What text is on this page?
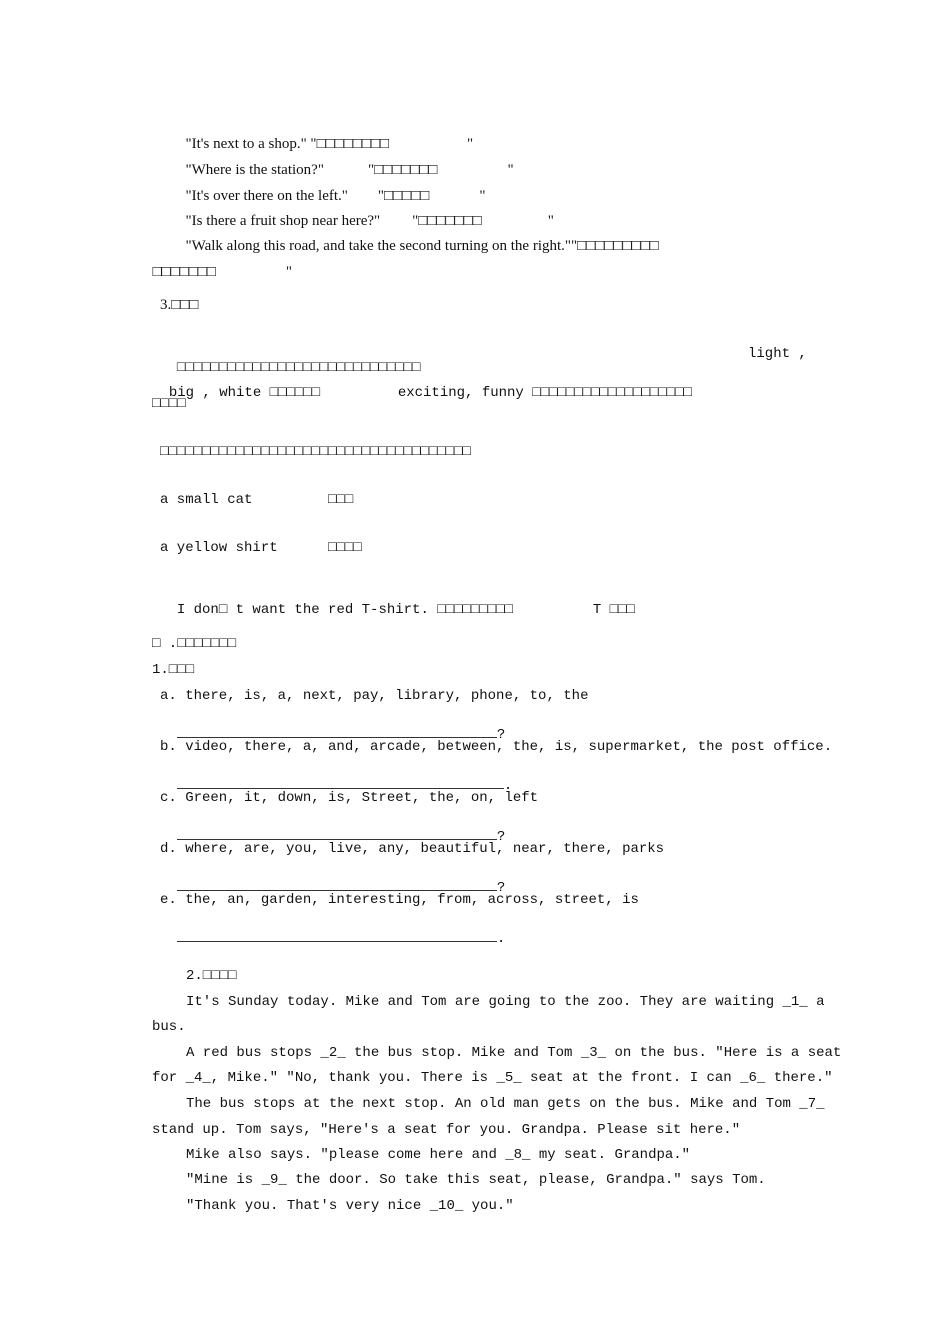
"It's next to a shop." "□□□□□□□□	"

"Where is the station?"	"□□□□□□□	"

"It's over there on the left." "□□□□□	"

"Is there a fruit shop near here?" "□□□□□□□	"

"Walk along this road, and take the second turning on the right.""□□□□□□□□□

□□□□□□□	"

3.□□□

□□□□□□□□□□□□□□□□□□□□□□□□□□□□□

light ,

big , white □□□□□□	exciting, funny □□□□□□□□□□□□□□□□□□□

□□□□
□□□□□□□□□□□□□□□□□□□□□□□□□□□□□□□□□□□□□
a small cat	□□□
a yellow shirt	□□□□

I don□ t want the red T-shirt. □□□□□□□□□	T □□□

□ .□□□□□□□
1.□□□
a. there, is, a, next, pay, library, phone, to, the

?

b. video, there, a, and, arcade, between, the, is, supermarket, the post office.

.

c. Green, it, down, is, Street, the, on, left

?

d. where, are, you, live, any, beautiful, near, there, parks

?

e. the, an, garden, interesting, from, across, street, is

.

2.□□□□
It's Sunday today. Mike and Tom are going to the zoo. They are waiting _1_ a
bus.
A red bus stops _2_ the bus stop. Mike and Tom _3_ on the bus. "Here is a seat
for _4_, Mike." "No, thank you. There is _5_ seat at the front. I can _6_ there."
The bus stops at the next stop. An old man gets on the bus. Mike and Tom _7_
stand up. Tom says, "Here's a seat for you. Grandpa. Please sit here."
Mike also says. "please come here and _8_ my seat. Grandpa."
"Mine is _9_ the door. So take this seat, please, Grandpa." says Tom.
"Thank you. That's very nice _10_ you."
